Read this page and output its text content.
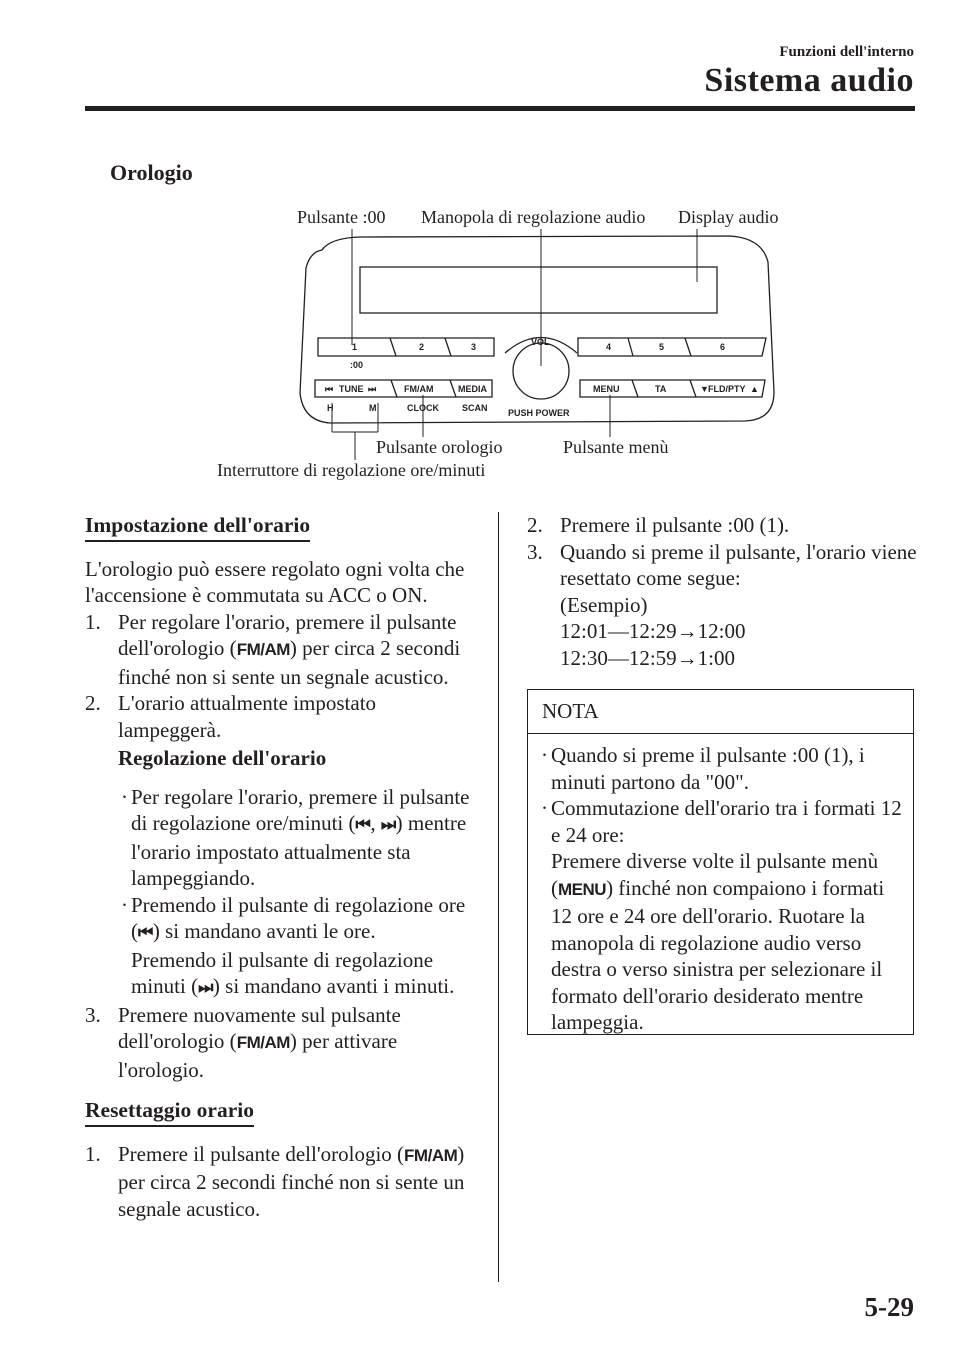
Funzioni dell'interno
Sistema audio
Orologio
Pulsante :00 Manopola di regolazione audio Display audio
Pulsante orologio	Pulsante menù
Interruttore di regolazione ore/minuti
1	2	3
:00
4	5	6
VOL
PUSH POWER
⏮ TUNE ⏭	FM/AM	MEDIA	MENU	TA	▼ FLD/PTY ▲
H	M	CLOCK	SCAN
Impostazione dell'orario

L'orologio può essere regolato ogni volta che l'accensione è commutata su ACC o ON.

1. Per regolare l'orario, premere il pulsante dell'orologio (FM/AM) per circa 2 secondi finché non si sente un segnale acustico.
2. L'orario attualmente impostato lampeggerà.

Regolazione dell'orario

· Per regolare l'orario, premere il pulsante di regolazione ore/minuti (⏮, ⏭) mentre l'orario impostato attualmente sta lampeggiando.
· Premendo il pulsante di regolazione ore (⏮) si mandano avanti le ore.
Premendo il pulsante di regolazione minuti (⏭) si mandano avanti i minuti.
3. Premere nuovamente sul pulsante dell'orologio (FM/AM) per attivare l'orologio.
Resettaggio orario
1. Premere il pulsante dell'orologio (FM/AM) per circa 2 secondi finché non si sente un segnale acustico.
2. Premere il pulsante :00 (1).
3. Quando si preme il pulsante, l'orario viene resettato come segue:
(Esempio)
12:01―12:29→12:00
12:30―12:59→1:00
NOTA
· Quando si preme il pulsante :00 (1), i minuti partono da "00".
· Commutazione dell'orario tra i formati 12 e 24 ore:
Premere diverse volte il pulsante menù (MENU) finché non compaiono i formati 12 ore e 24 ore dell'orario. Ruotare la manopola di regolazione audio verso destra o verso sinistra per selezionare il formato dell'orario desiderato mentre lampeggia.
5-29
